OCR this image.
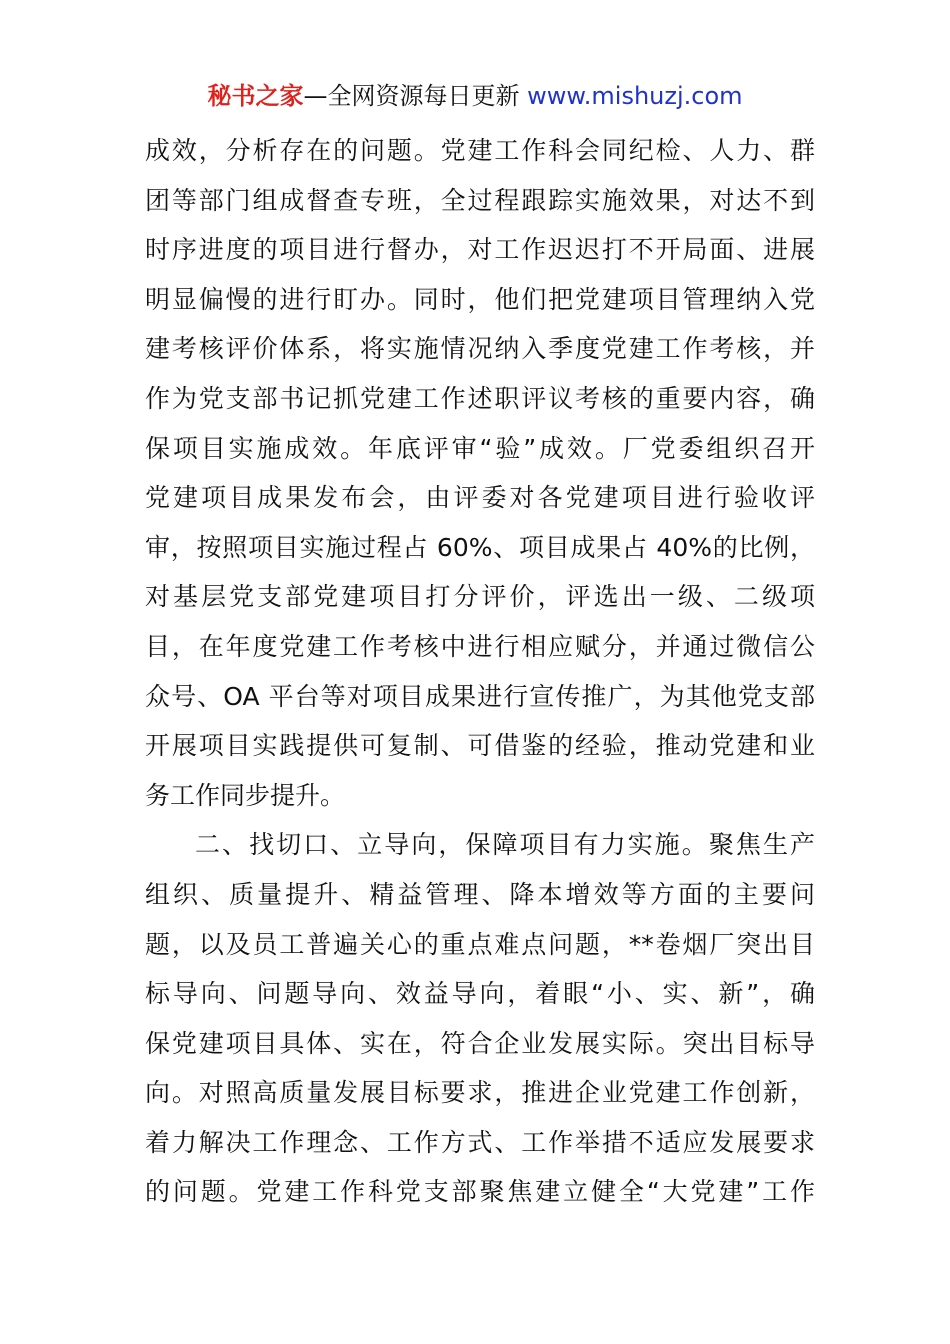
秘书之家—全网资源每日更新 www.mishuzj.com
成效，分析存在的问题。党建工作科会同纪检、人力、群
团等部门组成督查专班，全过程跟踪实施效果，对达不到
时序进度的项目进行督办，对工作迟迟打不开局面、进展
明显偏慢的进行盯办。同时，他们把党建项目管理纳入党
建考核评价体系，将实施情况纳入季度党建工作考核，并
作为党支部书记抓党建工作述职评议考核的重要内容，确
保项目实施成效。年底评审“验”成效。厂党委组织召开
党建项目成果发布会，由评委对各党建项目进行验收评
审，按照项目实施过程占 60%、项目成果占 40%的比例，
对基层党支部党建项目打分评价，评选出一级、二级项
目，在年度党建工作考核中进行相应赋分，并通过微信公
众号、OA 平台等对项目成果进行宣传推广，为其他党支部
开展项目实践提供可复制、可借鉴的经验，推动党建和业
务工作同步提升。
二、找切口、立导向，保障项目有力实施。聚焦生产
组织、质量提升、精益管理、降本增效等方面的主要问
题，以及员工普遍关心的重点难点问题，**卷烟厂突出目
标导向、问题导向、效益导向，着眼“小、实、新”，确
保党建项目具体、实在，符合企业发展实际。突出目标导
向。对照高质量发展目标要求，推进企业党建工作创新，
着力解决工作理念、工作方式、工作举措不适应发展要求
的问题。党建工作科党支部聚焦建立健全“大党建”工作
